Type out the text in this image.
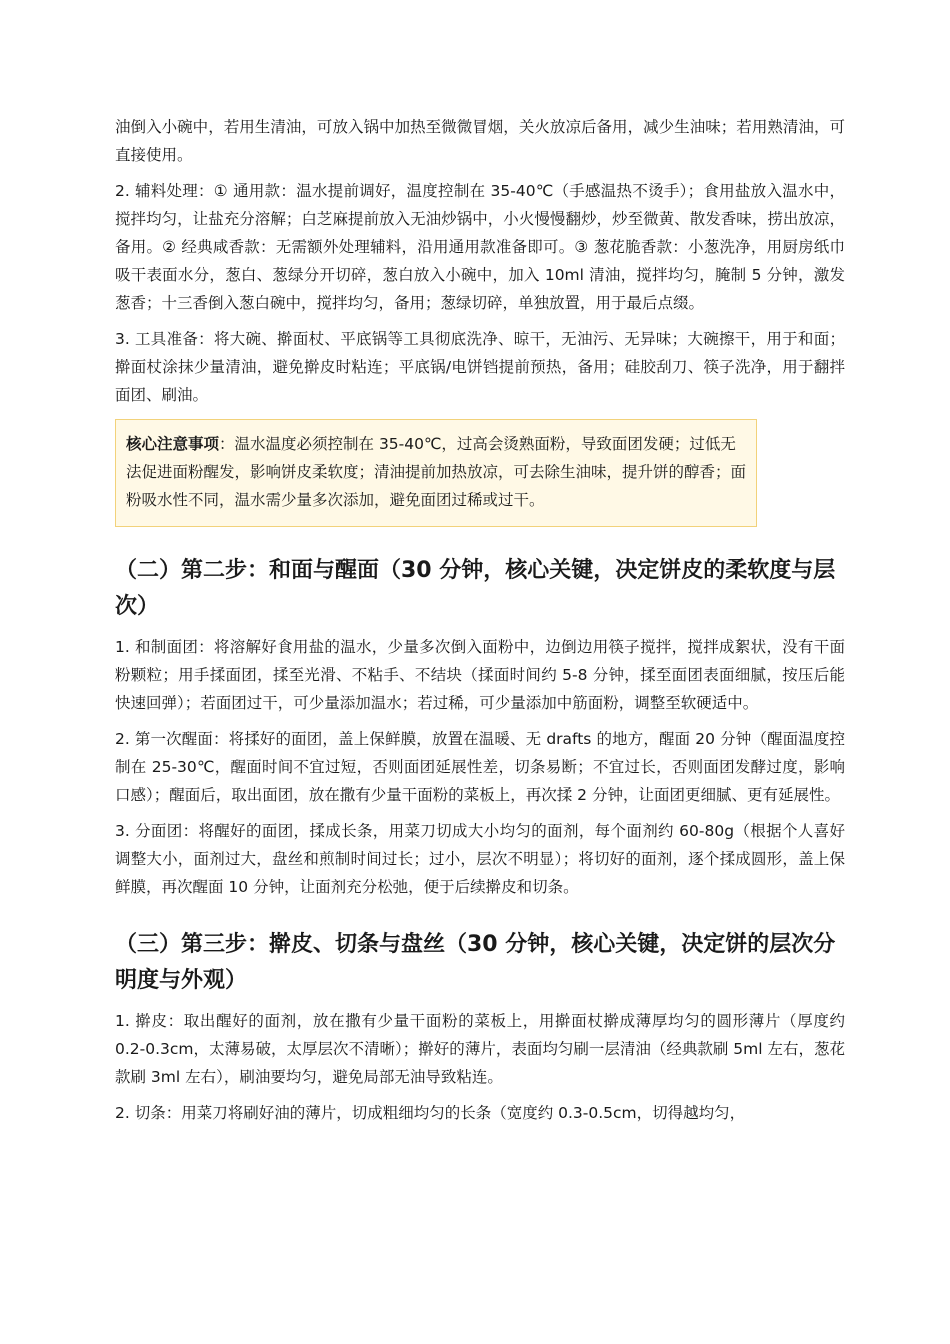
油倒入小碗中，若用生清油，可放入锅中加热至微微冒烟，关火放凉后备用，减少生油味；若用熟清油，可直接使用。

2. 辅料处理：① 通用款：温水提前调好，温度控制在 35-40℃（手感温热不烫手）；食用盐放入温水中，搅拌均匀，让盐充分溶解；白芝麻提前放入无油炒锅中，小火慢慢翻炒，炒至微黄、散发香味，捞出放凉，备用。② 经典咸香款：无需额外处理辅料，沿用通用款准备即可。③ 葱花脆香款：小葱洗净，用厨房纸巾吸干表面水分，葱白、葱绿分开切碎，葱白放入小碗中，加入 10ml 清油，搅拌均匀，腌制 5 分钟，激发葱香；十三香倒入葱白碗中，搅拌均匀，备用；葱绿切碎，单独放置，用于最后点缀。

3. 工具准备：将大碗、擀面杖、平底锅等工具彻底洗净、晾干，无油污、无异味；大碗擦干，用于和面；擀面杖涂抹少量清油，避免擀皮时粘连；平底锅/电饼铛提前预热，备用；硅胶刮刀、筷子洗净，用于翻拌面团、刷油。

核心注意事项：温水温度必须控制在 35-40℃，过高会烫熟面粉，导致面团发硬；过低无法促进面粉醒发，影响饼皮柔软度；清油提前加热放凉，可去除生油味，提升饼的醇香；面粉吸水性不同，温水需少量多次添加，避免面团过稀或过干。
（二）第二步：和面与醒面（30 分钟，核心关键，决定饼皮的柔软度与层次）

1. 和制面团：将溶解好食用盐的温水，少量多次倒入面粉中，边倒边用筷子搅拌，搅拌成絮状，没有干面粉颗粒；用手揉面团，揉至光滑、不粘手、不结块（揉面时间约 5-8 分钟，揉至面团表面细腻，按压后能快速回弹）；若面团过干，可少量添加温水；若过稀，可少量添加中筋面粉，调整至软硬适中。

2. 第一次醒面：将揉好的面团，盖上保鲜膜，放置在温暖、无 drafts 的地方，醒面 20 分钟（醒面温度控制在 25-30℃，醒面时间不宜过短，否则面团延展性差，切条易断；不宜过长，否则面团发酵过度，影响口感）；醒面后，取出面团，放在撒有少量干面粉的菜板上，再次揉 2 分钟，让面团更细腻、更有延展性。

3. 分面团：将醒好的面团，揉成长条，用菜刀切成大小均匀的面剂，每个面剂约 60-80g（根据个人喜好调整大小，面剂过大，盘丝和煎制时间过长；过小，层次不明显）；将切好的面剂，逐个揉成圆形，盖上保鲜膜，再次醒面 10 分钟，让面剂充分松弛，便于后续擀皮和切条。

（三）第三步：擀皮、切条与盘丝（30 分钟，核心关键，决定饼的层次分明度与外观）

1. 擀皮：取出醒好的面剂，放在撒有少量干面粉的菜板上，用擀面杖擀成薄厚均匀的圆形薄片（厚度约 0.2-0.3cm，太薄易破，太厚层次不清晰）；擀好的薄片，表面均匀刷一层清油（经典款刷 5ml 左右，葱花款刷 3ml 左右），刷油要均匀，避免局部无油导致粘连。

2. 切条：用菜刀将刷好油的薄片，切成粗细均匀的长条（宽度约 0.3-0.5cm，切得越均匀，
